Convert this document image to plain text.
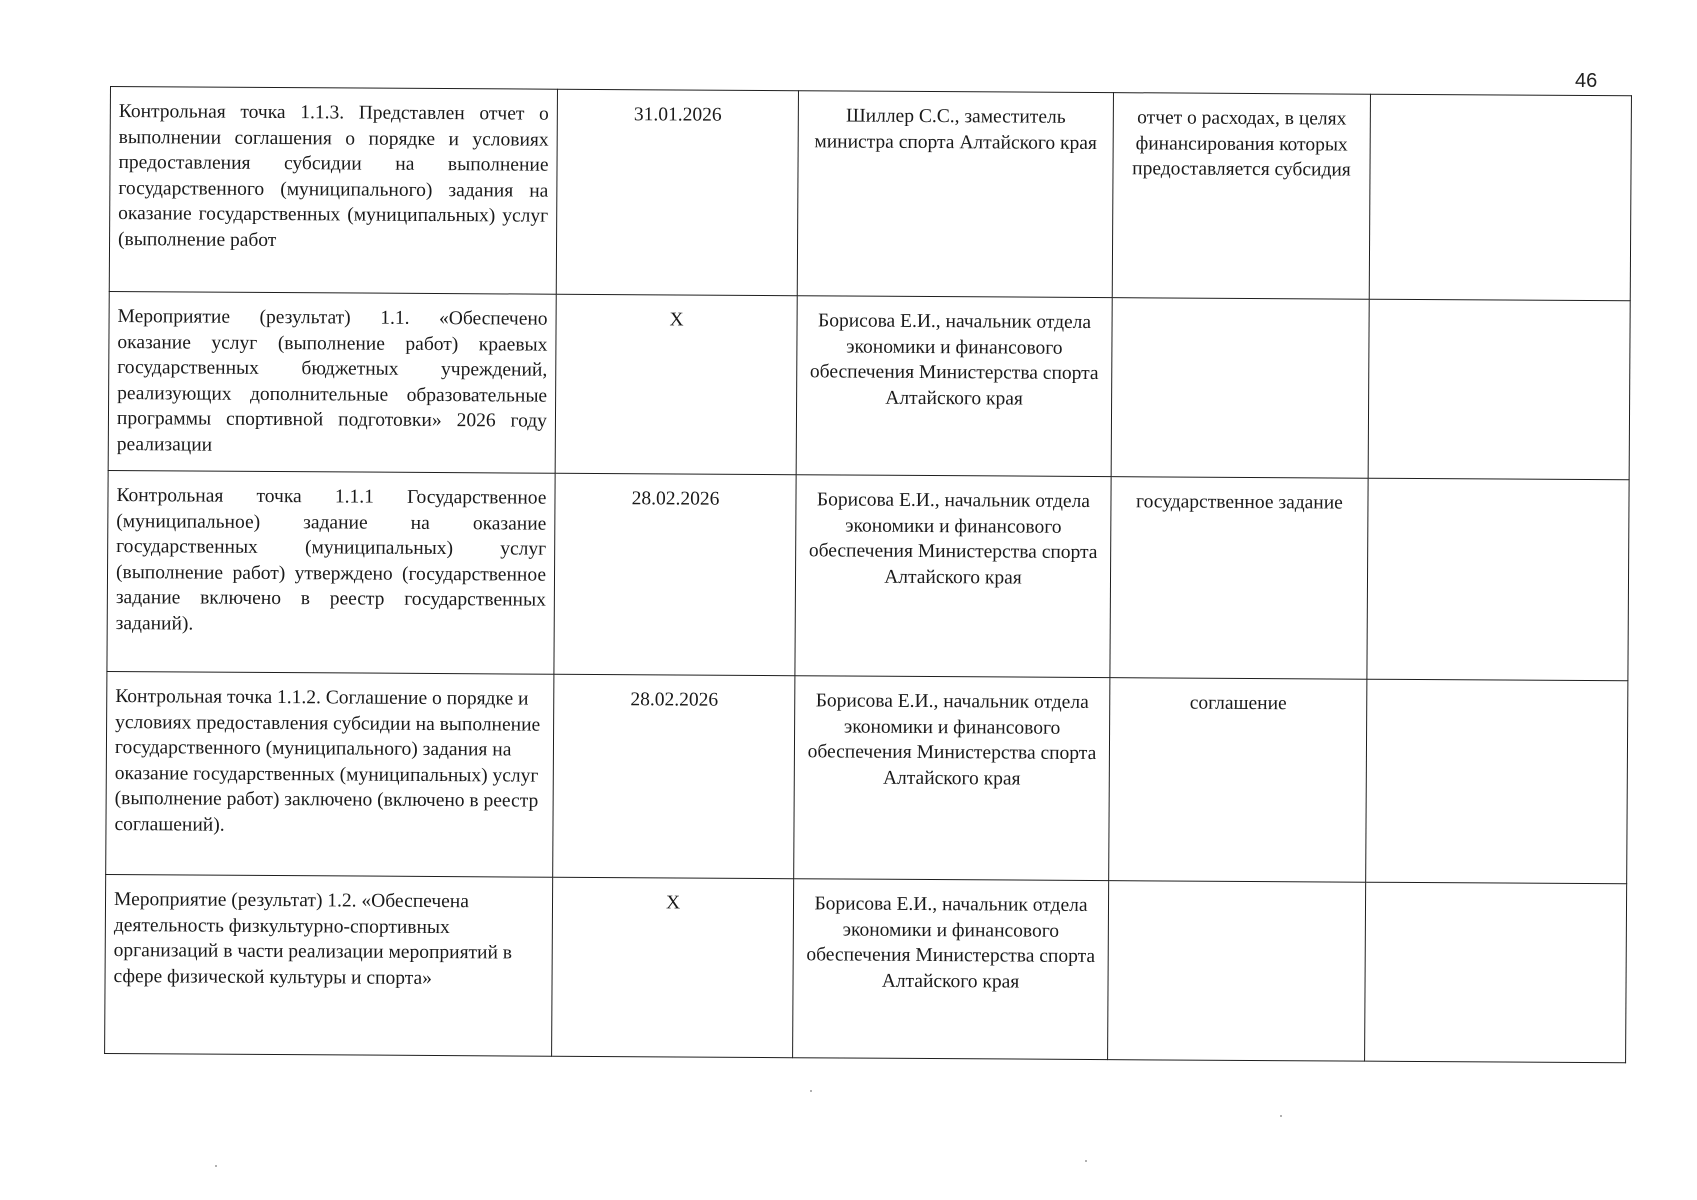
46
Контрольная точка 1.1.3. Представлен отчет о выполнении соглашения о порядке и условиях предоставления субсидии на выполнение государственного (муниципального) задания на оказание государственных (муниципальных) услуг (выполнение работ	31.01.2026	Шиллер С.С., заместитель министра спорта Алтайского края	отчет о расходах, в целях финансирования которых предоставляется субсидия	
Мероприятие (результат) 1.1. «Обеспечено оказание услуг (выполнение работ) краевых государственных бюджетных учреждений, реализующих дополнительные образовательные программы спортивной подготовки» 2026 году реализации	X	Борисова Е.И., начальник отдела экономики и финансового обеспечения Министерства спорта Алтайского края		
Контрольная точка 1.1.1 Государственное (муниципальное) задание на оказание государственных (муниципальных) услуг (выполнение работ) утверждено (государственное задание включено в реестр государственных заданий).	28.02.2026	Борисова Е.И., начальник отдела экономики и финансового обеспечения Министерства спорта Алтайского края	государственное задание	
Контрольная точка 1.1.2. Соглашение о порядке и условиях предоставления субсидии на выполнение государственного (муниципального) задания на оказание государственных (муниципальных) услуг (выполнение работ) заключено (включено в реестр соглашений).	28.02.2026	Борисова Е.И., начальник отдела экономики и финансового обеспечения Министерства спорта Алтайского края	соглашение	
Мероприятие (результат) 1.2. «Обеспечена деятельность физкультурно-спортивных организаций в части реализации мероприятий в сфере физической культуры и спорта»	X	Борисова Е.И., начальник отдела экономики и финансового обеспечения Министерства спорта Алтайского края		
